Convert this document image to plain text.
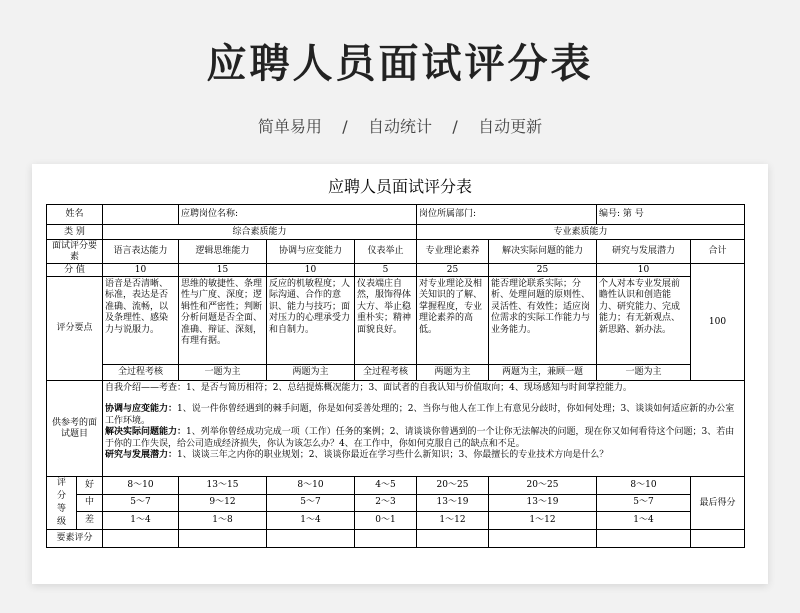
应聘人员面试评分表
简单易用    /    自动统计    /    自动更新
应聘人员面试评分表
姓名			应聘岗位名称:			岗位所属部门:		编号: 第 号	
类 别		综合素质能力				专业素质能力			
面试评分要素		语言表达能力	逻辑思维能力	协调与应变能力	仪表举止	专业理论素养	解决实际问题的能力	研究与发展潜力	合计
分 值		10	15	10	5	25	25	10	100
评分要点		语音是否清晰、标准，表达是否准确、流畅，以及条理性、感染力与说服力。	思维的敏捷性、条理性与广度、深度；逻辑性和严密性；判断分析问题是否全面、准确、辩证、深刻，有理有据。	反应的机敏程度；人际沟通、合作的意识、能力与技巧；面对压力的心理承受力和自制力。	仪表端庄自然，服饰得体大方、举止稳重朴实；精神面貌良好。	对专业理论及相关知识的了解、掌握程度，专业理论素养的高低。	能否理论联系实际；分析、处理问题的原则性、灵活性、有效性；适应岗位需求的实际工作能力与业务能力。	个人对本专业发展前瞻性认识和创造能力、研究能力、完成能力；有无新观点、新思路、新办法。	
		全过程考核	一题为主	两题为主	全过程考核	两题为主	两题为主，兼顾一题	一题为主	
供参考的面试题目		自我介绍——考查：1、是否与简历相符；2、总结提炼概况能力；3、面试者的自我认知与价值取向；4、现场感知与时间掌控能力。
协调与应变能力：1、说一件你曾经遇到的棘手问题，你是如何妥善处理的；2、当你与他人在工作上有意见分歧时，你如何处理；3、谈谈如何适应新的办公室工作环境。
解决实际问题能力：1、列举你曾经成功完成一项（工作）任务的案例；2、请谈谈你曾遇到的一个让你无法解决的问题，现在你又如何看待这个问题；3、若由于你的工作失误，给公司造成经济损失，你认为该怎么办？4、在工作中，你如何克服自己的缺点和不足。
研究与发展潜力：1、谈谈三年之内你的职业规划；2、谈谈你最近在学习些什么新知识；3、你最擅长的专业技术方向是什么？							

评分等级	好	8～10	13～15	8～10	4～5	20～25	20～25	8～10	最后得分
	中	5～7	9～12	5～7	2～3	13～19	13～19	5～7	
	差	1～4	1～8	1～4	0～1	1～12	1～12	1～4	
要素评分									
